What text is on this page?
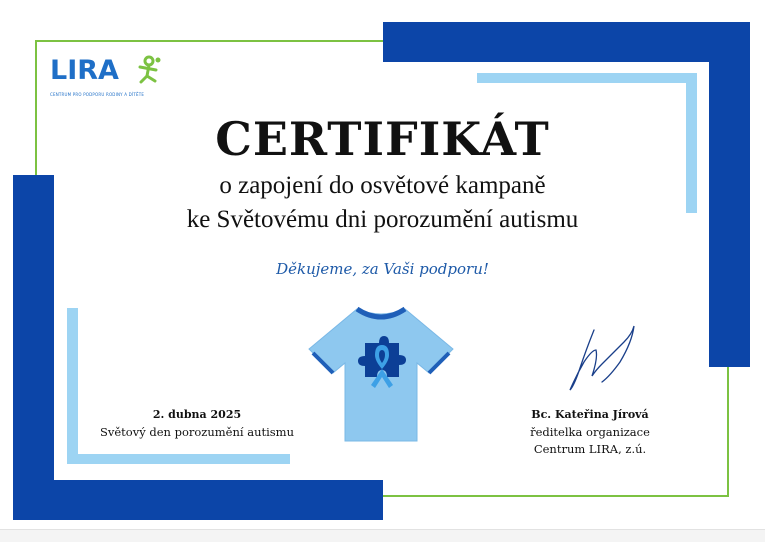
LIRA
CENTRUM PRO PODPORU RODINY A DÍTĚTE
CERTIFIKÁT
o zapojení do osvětové kampaně
ke Světovému dni porozumění autismu
Děkujeme, za Vaši podporu!
2. dubna 2025
Světový den porozumění autismu
Bc. Kateřina Jírová
ředitelka organizace
Centrum LIRA, z.ú.
